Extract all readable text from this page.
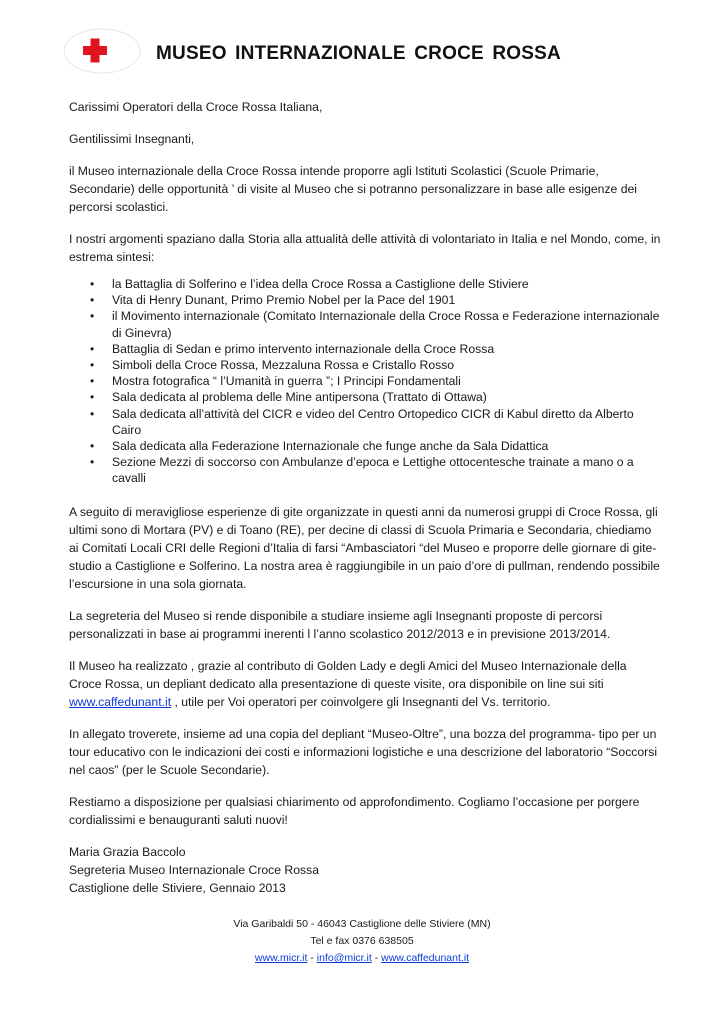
MUSEO INTERNAZIONALE CROCE ROSSA

Carissimi Operatori della Croce Rossa Italiana,

Gentilissimi Insegnanti,

il Museo internazionale della Croce Rossa intende proporre agli Istituti Scolastici (Scuole Primarie, Secondarie) delle opportunità ’ di visite al Museo che si potranno personalizzare in base alle esigenze dei percorsi scolastici.

I nostri argomenti spaziano dalla Storia alla attualità delle attività di volontariato in Italia e nel Mondo, come, in estrema sintesi:

• la Battaglia di Solferino e l’idea della Croce Rossa a Castiglione delle Stiviere
• Vita di Henry Dunant, Primo Premio Nobel per la Pace del 1901
• il Movimento internazionale (Comitato Internazionale della Croce Rossa e Federazione internazionale di Ginevra)
• Battaglia di Sedan e primo intervento internazionale della Croce Rossa
• Simboli della Croce Rossa, Mezzaluna Rossa e Cristallo Rosso
• Mostra fotografica “ l’Umanità in guerra ”; I Principi Fondamentali
• Sala dedicata al problema delle Mine antipersona (Trattato di Ottawa)
• Sala dedicata all’attività del CICR e video del Centro Ortopedico CICR di Kabul diretto da Alberto Cairo
• Sala dedicata alla Federazione Internazionale che funge anche da Sala Didattica
• Sezione Mezzi di soccorso con Ambulanze d’epoca e Lettighe ottocentesche trainate a mano o a cavalli

A seguito di meravigliose esperienze di gite organizzate in questi anni da numerosi gruppi di Croce Rossa, gli ultimi sono di Mortara (PV) e di Toano (RE), per decine di classi di Scuola Primaria e Secondaria, chiediamo ai Comitati Locali CRI delle Regioni d’Italia di farsi “Ambasciatori “del Museo e proporre delle giornare di gite-studio a Castiglione e Solferino. La nostra area è raggiungibile in un paio d’ore di pullman, rendendo possibile l’escursione in una sola giornata.

La segreteria del Museo si rende disponibile a studiare insieme agli Insegnanti proposte di percorsi personalizzati in base ai programmi inerenti l l’anno scolastico 2012/2013 e in previsione 2013/2014.

Il Museo ha realizzato , grazie al contributo di Golden Lady e degli Amici del Museo Internazionale della Croce Rossa, un depliant dedicato alla presentazione di queste visite, ora disponibile on line sui siti www.caffedunant.it , utile per Voi operatori per coinvolgere gli Insegnanti del Vs. territorio.

In allegato troverete, insieme ad una copia del depliant “Museo-Oltre”, una bozza del programma- tipo per un tour educativo con le indicazioni dei costi e informazioni logistiche e una descrizione del laboratorio “Soccorsi nel caos” (per le Scuole Secondarie).

Restiamo a disposizione per qualsiasi chiarimento od approfondimento. Cogliamo l’occasione per porgere cordialissimi e benauguranti saluti nuovi!

Maria Grazia Baccolo

Segreteria Museo Internazionale Croce Rossa

Castiglione delle Stiviere, Gennaio 2013

Via Garibaldi 50 - 46043 Castiglione delle Stiviere (MN)
Tel e fax 0376 638505
www.micr.it - info@micr.it - www.caffedunant.it
